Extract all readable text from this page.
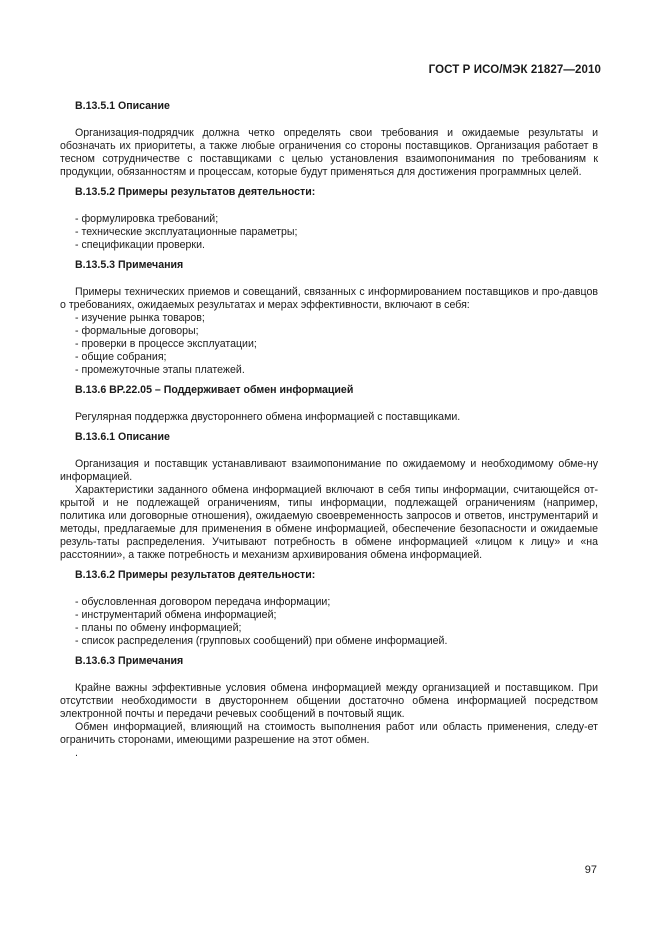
ГОСТ Р ИСО/МЭК 21827—2010
В.13.5.1 Описание

Организация-подрядчик должна четко определять свои требования и ожидаемые результаты и обозначать их приоритеты, а также любые ограничения со стороны поставщиков. Организация работает в тесном сотрудничестве с поставщиками с целью установления взаимопонимания по требованиям к продукции, обязанностям и процессам, которые будут применяться для достижения программных целей.

В.13.5.2 Примеры результатов деятельности:
- формулировка требований;
- технические эксплуатационные параметры;
- спецификации проверки.
В.13.5.3 Примечания

Примеры технических приемов и совещаний, связанных с информированием поставщиков и про-давцов о требованиях, ожидаемых результатах и мерах эффективности, включают в себя:

- изучение рынка товаров;
- формальные договоры;
- проверки в процессе эксплуатации;
- общие собрания;
- промежуточные этапы платежей.
В.13.6 BP.22.05 – Поддерживает обмен информацией

Регулярная поддержка двустороннего обмена информацией с поставщиками.

В.13.6.1 Описание

Организация и поставщик устанавливают взаимопонимание по ожидаемому и необходимому обме-ну информацией.

Характеристики заданного обмена информацией включают в себя типы информации, считающейся от-крытой и не подлежащей ограничениям, типы информации, подлежащей ограничениям (например, политика или договорные отношения), ожидаемую своевременность запросов и ответов, инструментарий и методы, предлагаемые для применения в обмене информацией, обеспечение безопасности и ожидаемые резуль-таты распределения. Учитывают потребность в обмене информацией «лицом к лицу» и «на расстоянии», а также потребность и механизм архивирования обмена информацией.

В.13.6.2 Примеры результатов деятельности:
- обусловленная договором передача информации;
- инструментарий обмена информацией;
- планы по обмену информацией;
- список распределения (групповых сообщений) при обмене информацией.
В.13.6.3 Примечания

Крайне важны эффективные условия обмена информацией между организацией и поставщиком. При отсутствии необходимости в двустороннем общении достаточно обмена информацией посредством электронной почты и передачи речевых сообщений в почтовый ящик.

Обмен информацией, влияющий на стоимость выполнения работ или область применения, следу-ет ограничить сторонами, имеющими разрешение на этот обмен.

.
97
